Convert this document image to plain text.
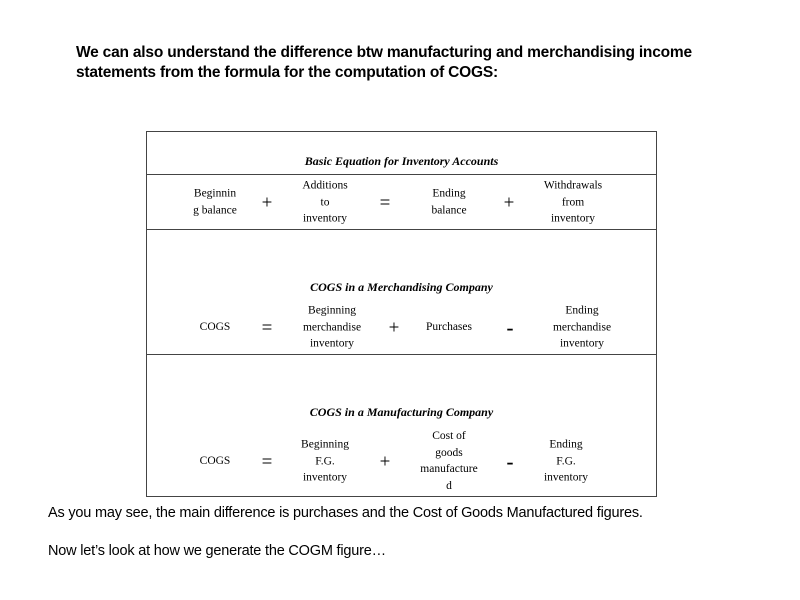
We can also understand the difference btw manufacturing and merchandising income
statements from the formula for the computation of COGS:
Basic Equation for Inventory Accounts
Beginnin
g balance +
Additions
to
inventory
=	Ending
balance +
Withdrawals
from
inventory
COGS in a Merchandising Company
COGS =
Beginning
merchandise
inventory
+ Purchases -
Ending
merchandise
inventory
COGS in a Manufacturing Company
COGS =
Beginning
F.G.
inventory
+
Cost of
goods
manufacture
d
-
Ending
F.G.
inventory
As you may see, the main difference is purchases and the Cost of Goods Manufactured figures.
Now let’s look at how we generate the COGM figure…
